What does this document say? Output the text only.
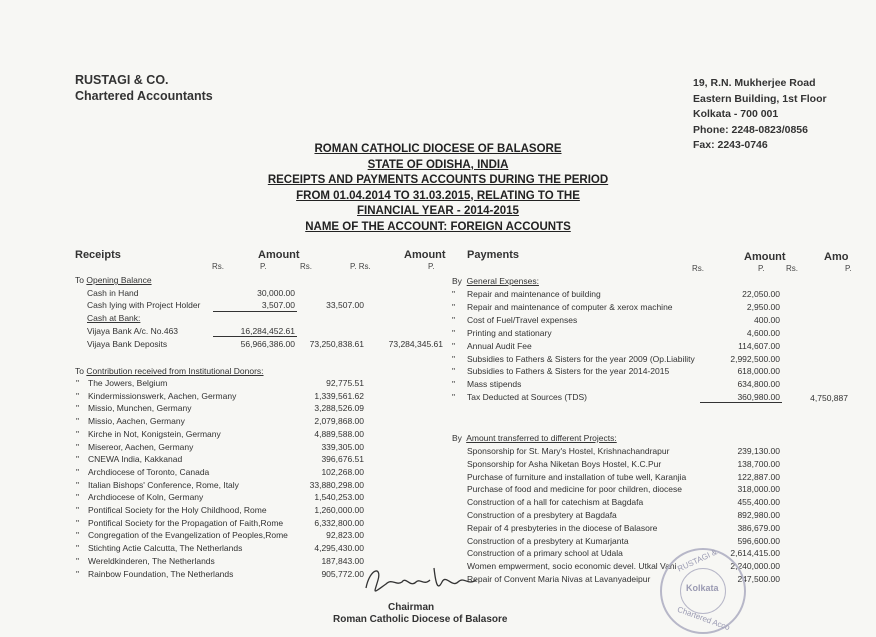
RUSTAGI & CO.
Chartered Accountants
19, R.N. Mukherjee Road
Eastern Building, 1st Floor
Kolkata - 700 001
Phone: 2248-0823/0856
Fax: 2243-0746
ROMAN CATHOLIC DIOCESE OF BALASORE
STATE OF ODISHA, INDIA
RECEIPTS AND PAYMENTS ACCOUNTS DURING THE PERIOD
FROM 01.04.2014 TO 31.03.2015, RELATING TO THE
FINANCIAL YEAR - 2014-2015
NAME OF THE ACCOUNT: FOREIGN ACCOUNTS
Receipts	Amount	Amount Payments	Amount	Amo
Rs.	P.	Rs.	P. Rs.	P.	Rs.	P.	Rs.	P.
To Opening Balance
Cash in Hand	30,000.00
Cash lying with Project Holder	3,507.00	33,507.00
Cash at Bank:
Vijaya Bank A/c. No.463	16,284,452.61
Vijaya Bank Deposits	56,966,386.00	73,250,838.61	73,284,345.61
To Contribution received from Institutional Donors:
" The Jowers, Belgium	92,775.51
" Kindermissionswerk, Aachen, Germany	1,339,561.62
" Missio, Munchen, Germany	3,288,526.09
" Missio, Aachen, Germany	2,079,868.00
" Kirche in Not, Konigstein, Germany	4,889,588.00
" Misereor, Aachen, Germany	339,305.00
" CNEWA India, Kakkanad	396,676.51
" Archdiocese of Toronto, Canada	102,268.00
" Italian Bishops' Conference, Rome, Italy	33,880,298.00
" Archdiocese of Koln, Germany	1,540,253.00
" Pontifical Society for the Holy Childhood, Rome	1,260,000.00
" Pontifical Society for the Propagation of Faith,Rome	6,332,800.00
" Congregation of the Evangelization of Peoples,Rome	92,823.00
" Stichting Actie Calcutta, The Netherlands	4,295,430.00
" Wereldkinderen, The Netherlands	187,843.00
" Rainbow Foundation, The Netherlands	905,772.00
By General Expenses:
" Repair and maintenance of building	22,050.00
" Repair and maintenance of computer & xerox machine	2,950.00
" Cost of Fuel/Travel expenses	400.00
" Printing and stationary	4,600.00
" Annual Audit Fee	114,607.00
" Subsidies to Fathers & Sisters for the year 2009 (Op.Liability	2,992,500.00
" Subsidies to Fathers & Sisters for the year 2014-2015	618,000.00
" Mass stipends	634,800.00
" Tax Deducted at Sources (TDS)	360,980.00	4,750,887
By Amount transferred to different Projects:
Sponsorship for St. Mary's Hostel, Krishnachandrapur	239,130.00
Sponsorship for Asha Niketan Boys Hostel, K.C.Pur	138,700.00
Purchase of furniture and installation of tube well, Karanjia	122,887.00
Purchase of food and medicine for poor children, diocese	318,000.00
Construction of a hall for catechism at Bagdafa	455,400.00
Construction of a presbytery at Bagdafa	892,980.00
Repair of 4 presbyteries in the diocese of Balasore	386,679.00
Construction of a presbytery at Kumarjanta	596,600.00
Construction of a primary school at Udala	2,614,415.00
Women empwerment, socio economic devel. Utkal Vani	2,240,000.00
Repair of Convent Maria Nivas at Lavanyadeipur	247,500.00
Chairman
Roman Catholic Diocese of Balasore
RUSTAGI &
Kolkata
Chartered Acco
